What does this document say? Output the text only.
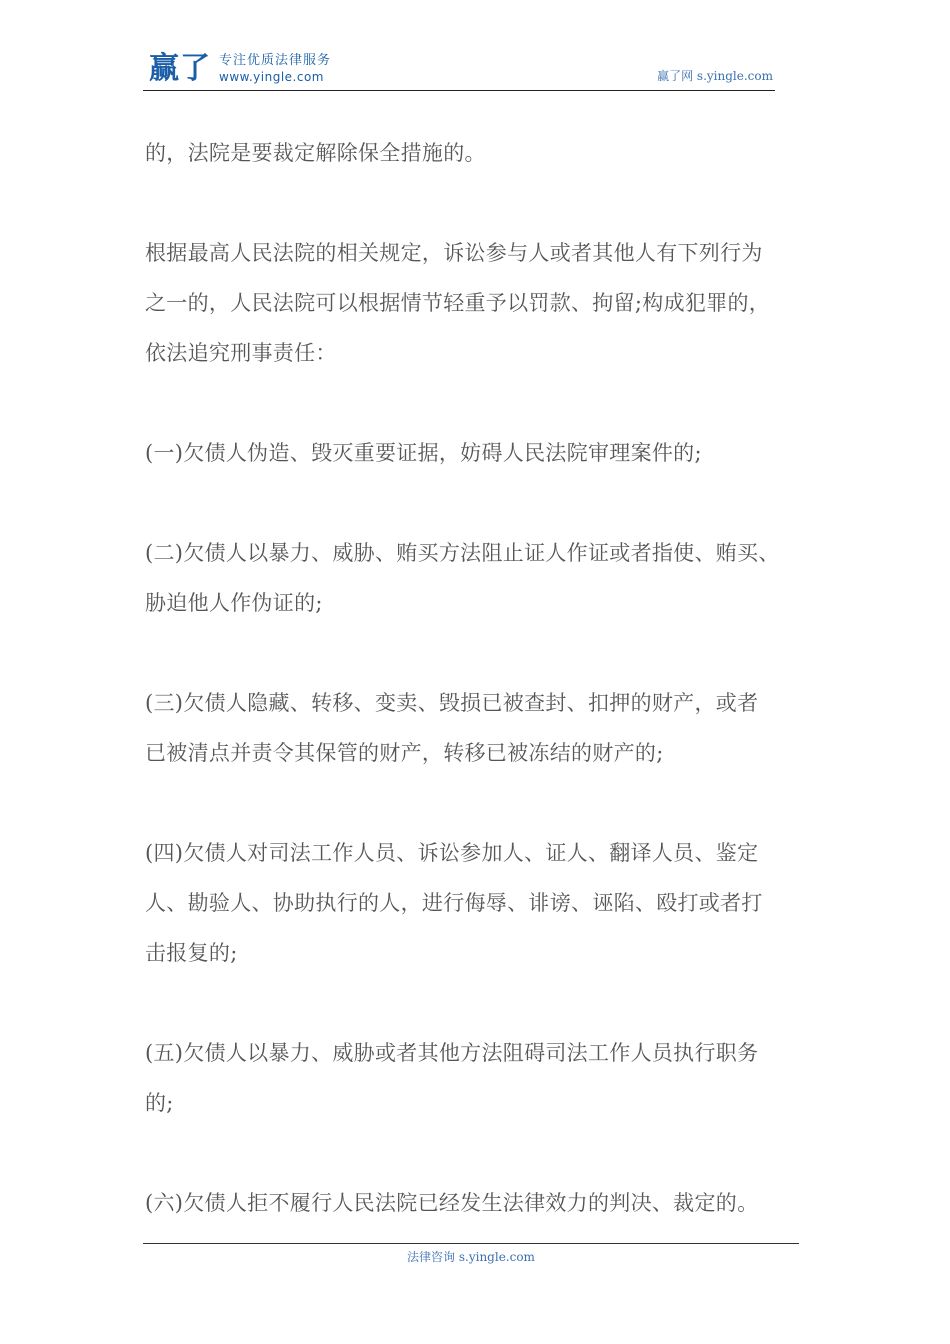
赢了 专注优质法律服务
www.yingle.com	赢了网 s.yingle.com

的，法院是要裁定解除保全措施的。

根据最高人民法院的相关规定，诉讼参与人或者其他人有下列行为
之一的，人民法院可以根据情节轻重予以罚款、拘留;构成犯罪的，
依法追究刑事责任：

(一)欠债人伪造、毁灭重要证据，妨碍人民法院审理案件的;

(二)欠债人以暴力、威胁、贿买方法阻止证人作证或者指使、贿买、
胁迫他人作伪证的;

(三)欠债人隐藏、转移、变卖、毁损已被查封、扣押的财产，或者
已被清点并责令其保管的财产，转移已被冻结的财产的;

(四)欠债人对司法工作人员、诉讼参加人、证人、翻译人员、鉴定
人、勘验人、协助执行的人，进行侮辱、诽谤、诬陷、殴打或者打
击报复的;

(五)欠债人以暴力、威胁或者其他方法阻碍司法工作人员执行职务
的;

(六)欠债人拒不履行人民法院已经发生法律效力的判决、裁定的。

法律咨询 s.yingle.com
